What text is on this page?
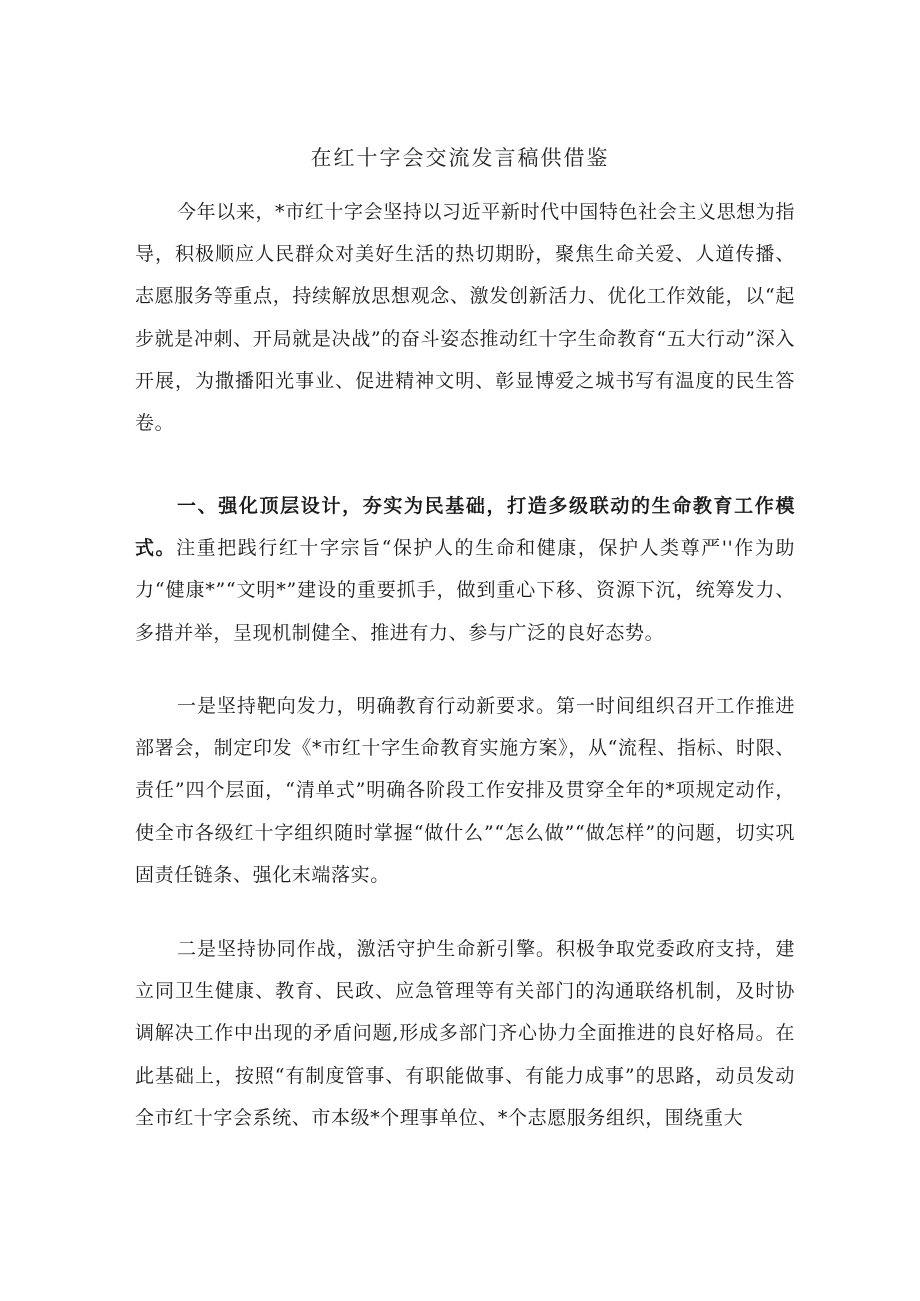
在红十字会交流发言稿供借鉴

今年以来，*市红十字会坚持以习近平新时代中国特色社会主义思想为指导，积极顺应人民群众对美好生活的热切期盼，聚焦生命关爱、人道传播、志愿服务等重点，持续解放思想观念、激发创新活力、优化工作效能，以“起步就是冲刺、开局就是决战”的奋斗姿态推动红十字生命教育“五大行动”深入开展，为撒播阳光事业、促进精神文明、彰显博爱之城书写有温度的民生答卷。

一、强化顶层设计，夯实为民基础，打造多级联动的生命教育工作模式。注重把践行红十字宗旨“保护人的生命和健康，保护人类尊严''作为助力“健康*”“文明*”建设的重要抓手，做到重心下移、资源下沉，统筹发力、多措并举，呈现机制健全、推进有力、参与广泛的良好态势。

一是坚持靶向发力，明确教育行动新要求。第一时间组织召开工作推进部署会，制定印发《*市红十字生命教育实施方案》，从“流程、指标、时限、责任”四个层面，“清单式”明确各阶段工作安排及贯穿全年的*项规定动作，使全市各级红十字组织随时掌握“做什么”“怎么做”“做怎样”的问题，切实巩固责任链条、强化末端落实。

二是坚持协同作战，激活守护生命新引擎。积极争取党委政府支持，建立同卫生健康、教育、民政、应急管理等有关部门的沟通联络机制，及时协调解决工作中出现的矛盾问题,形成多部门齐心协力全面推进的良好格局。在此基础上，按照“有制度管事、有职能做事、有能力成事”的思路，动员发动全市红十字会系统、市本级*个理事单位、*个志愿服务组织，围绕重大
